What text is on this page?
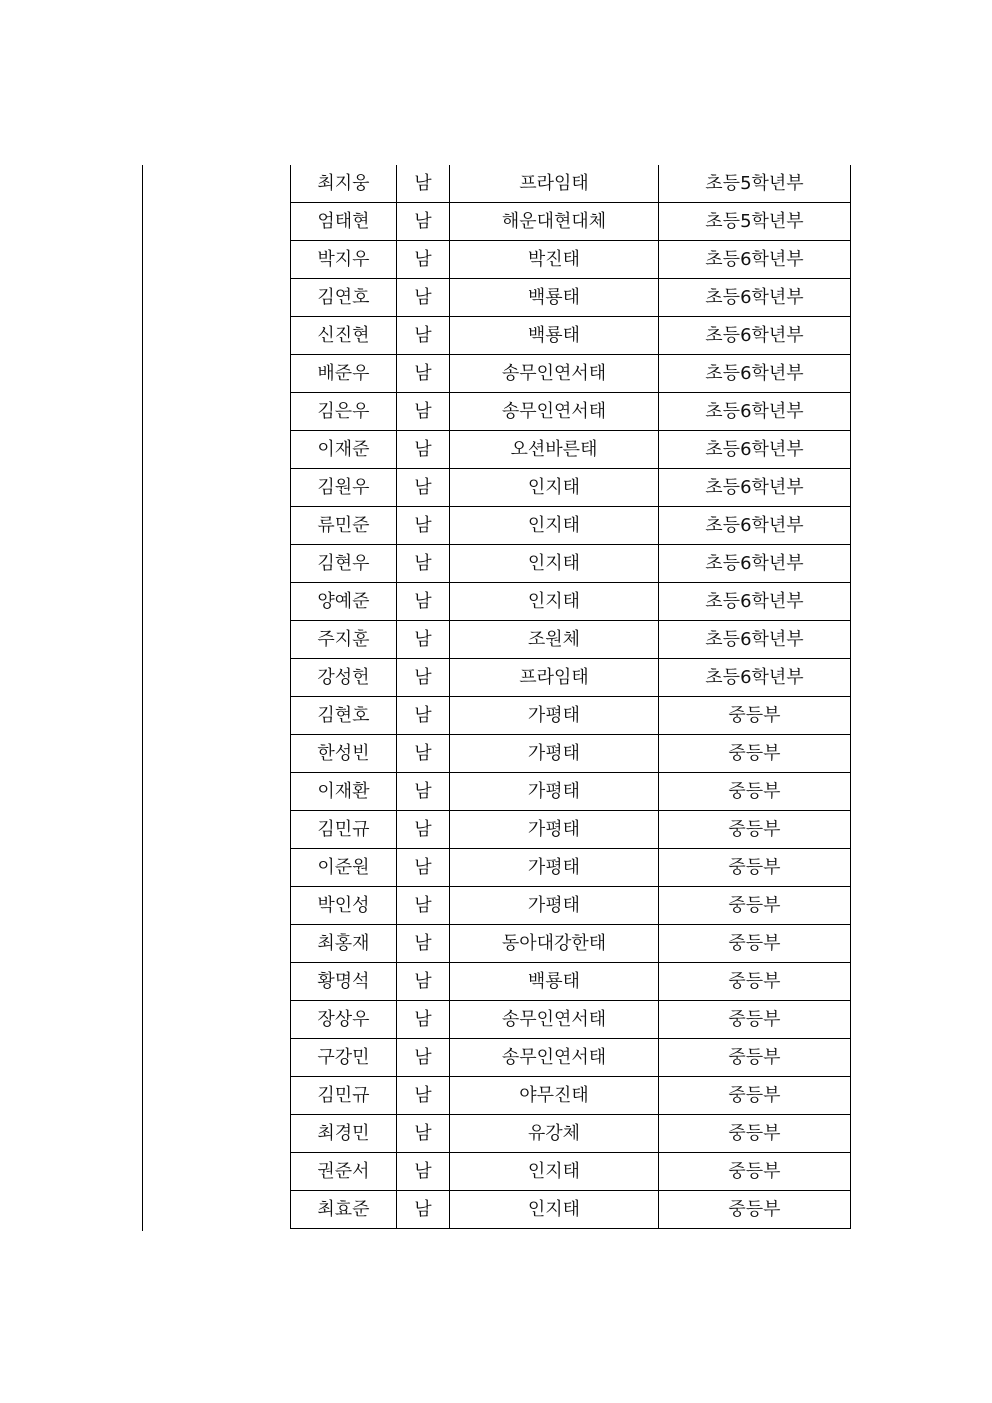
최지웅	남	프라임태	초등5학년부
엄태현	남	해운대현대체	초등5학년부
박지우	남	박진태	초등6학년부
김연호	남	백룡태	초등6학년부
신진현	남	백룡태	초등6학년부
배준우	남	송무인연서태	초등6학년부
김은우	남	송무인연서태	초등6학년부
이재준	남	오션바른태	초등6학년부
김원우	남	인지태	초등6학년부
류민준	남	인지태	초등6학년부
김현우	남	인지태	초등6학년부
양예준	남	인지태	초등6학년부
주지훈	남	조원체	초등6학년부
강성헌	남	프라임태	초등6학년부
김현호	남	가평태	중등부
한성빈	남	가평태	중등부
이재환	남	가평태	중등부
김민규	남	가평태	중등부
이준원	남	가평태	중등부
박인성	남	가평태	중등부
최홍재	남	동아대강한태	중등부
황명석	남	백룡태	중등부
장상우	남	송무인연서태	중등부
구강민	남	송무인연서태	중등부
김민규	남	야무진태	중등부
최경민	남	유강체	중등부
권준서	남	인지태	중등부
최효준	남	인지태	중등부
